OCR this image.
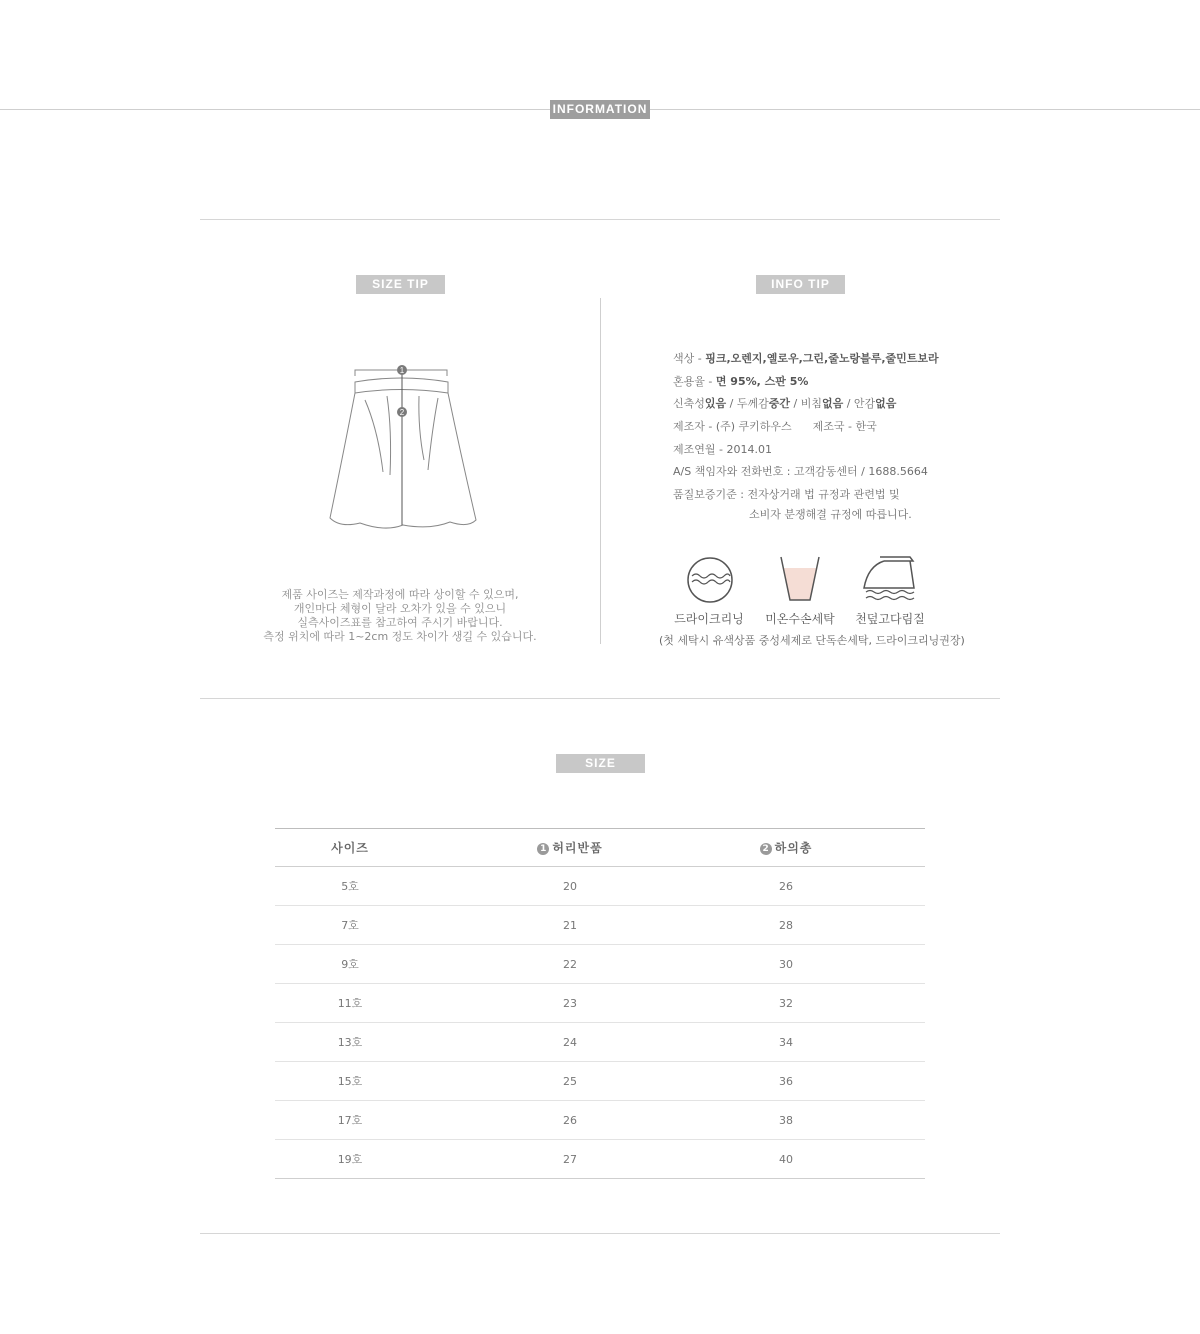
INFORMATION
SIZE TIP
1
2
제품 사이즈는 제작과정에 따라 상이할 수 있으며,
개인마다 체형이 달라 오차가 있을 수 있으니
실측사이즈표를 참고하여 주시기 바랍니다.
측정 위치에 따라 1~2cm 정도 차이가 생길 수 있습니다.
INFO TIP
색상 - 핑크,오렌지,옐로우,그린,줄노랑블루,줄민트보라
혼용율 - 면 95%, 스판 5%
신축성있음 / 두께감중간 / 비침없음 / 안감없음
제조자 - (주) 쿠키하우스      제조국 - 한국
제조연월 - 2014.01
A/S 책임자와 전화번호 : 고객감동센터 / 1688.5664
품질보증기준 : 전자상거래 법 규정과 관련법 및
소비자 분쟁해결 규정에 따릅니다.
드라이크리닝	미온수손세탁	천덮고다림질
(첫 세탁시 유색상품 중성세제로 단독손세탁, 드라이크리닝권장)
SIZE
사이즈	1 허리반품	2 하의총	
5호	20	26	
7호	21	28	
9호	22	30	
11호	23	32	
13호	24	34	
15호	25	36	
17호	26	38	
19호	27	40	
